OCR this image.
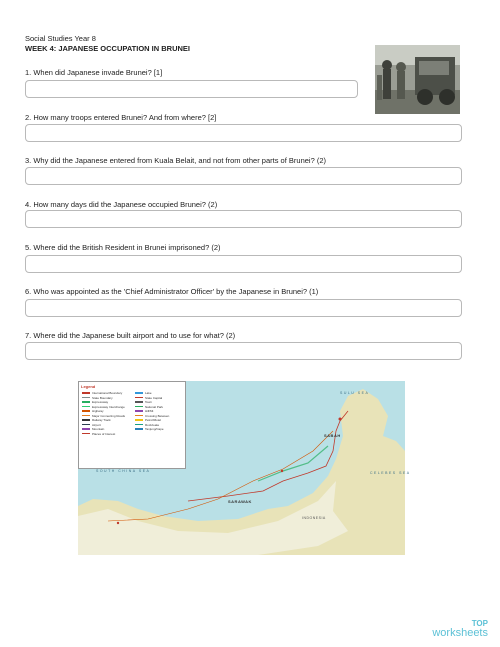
Social Studies Year 8
WEEK 4: JAPANESE OCCUPATION IN BRUNEI
1. When did Japanese invade Brunei? [1]
2. How many troops entered Brunei? And from where? [2]
3. Why did the Japanese entered from Kuala Belait, and not from other parts of Brunei? (2)
4. How many days did the Japanese occupied Brunei? (2)
5. Where did the British Resident in Brunei imprisoned? (2)
6. Who was appointed as the 'Chief Administrator Officer' by the Japanese in Brunei? (1)
7. Where did the Japanese built airport and to use for what? (2)
Legend
International Boundary
State Boundary
Expressway
Expressway Interchange
Highway
Major Connecting Roads
Railway Track
Airport
Mountain
Places of Interest
Lake
State Capital
Town
National Park
Hill/Mt
Crossing Between
Petrol/Motel
Rock/Lake
Tanjung/Cape
SOUTH CHINA SEA
SULU SEA
CELEBES SEA
SABAH
SARAWAK
INDONESIA
TOP
worksheets
